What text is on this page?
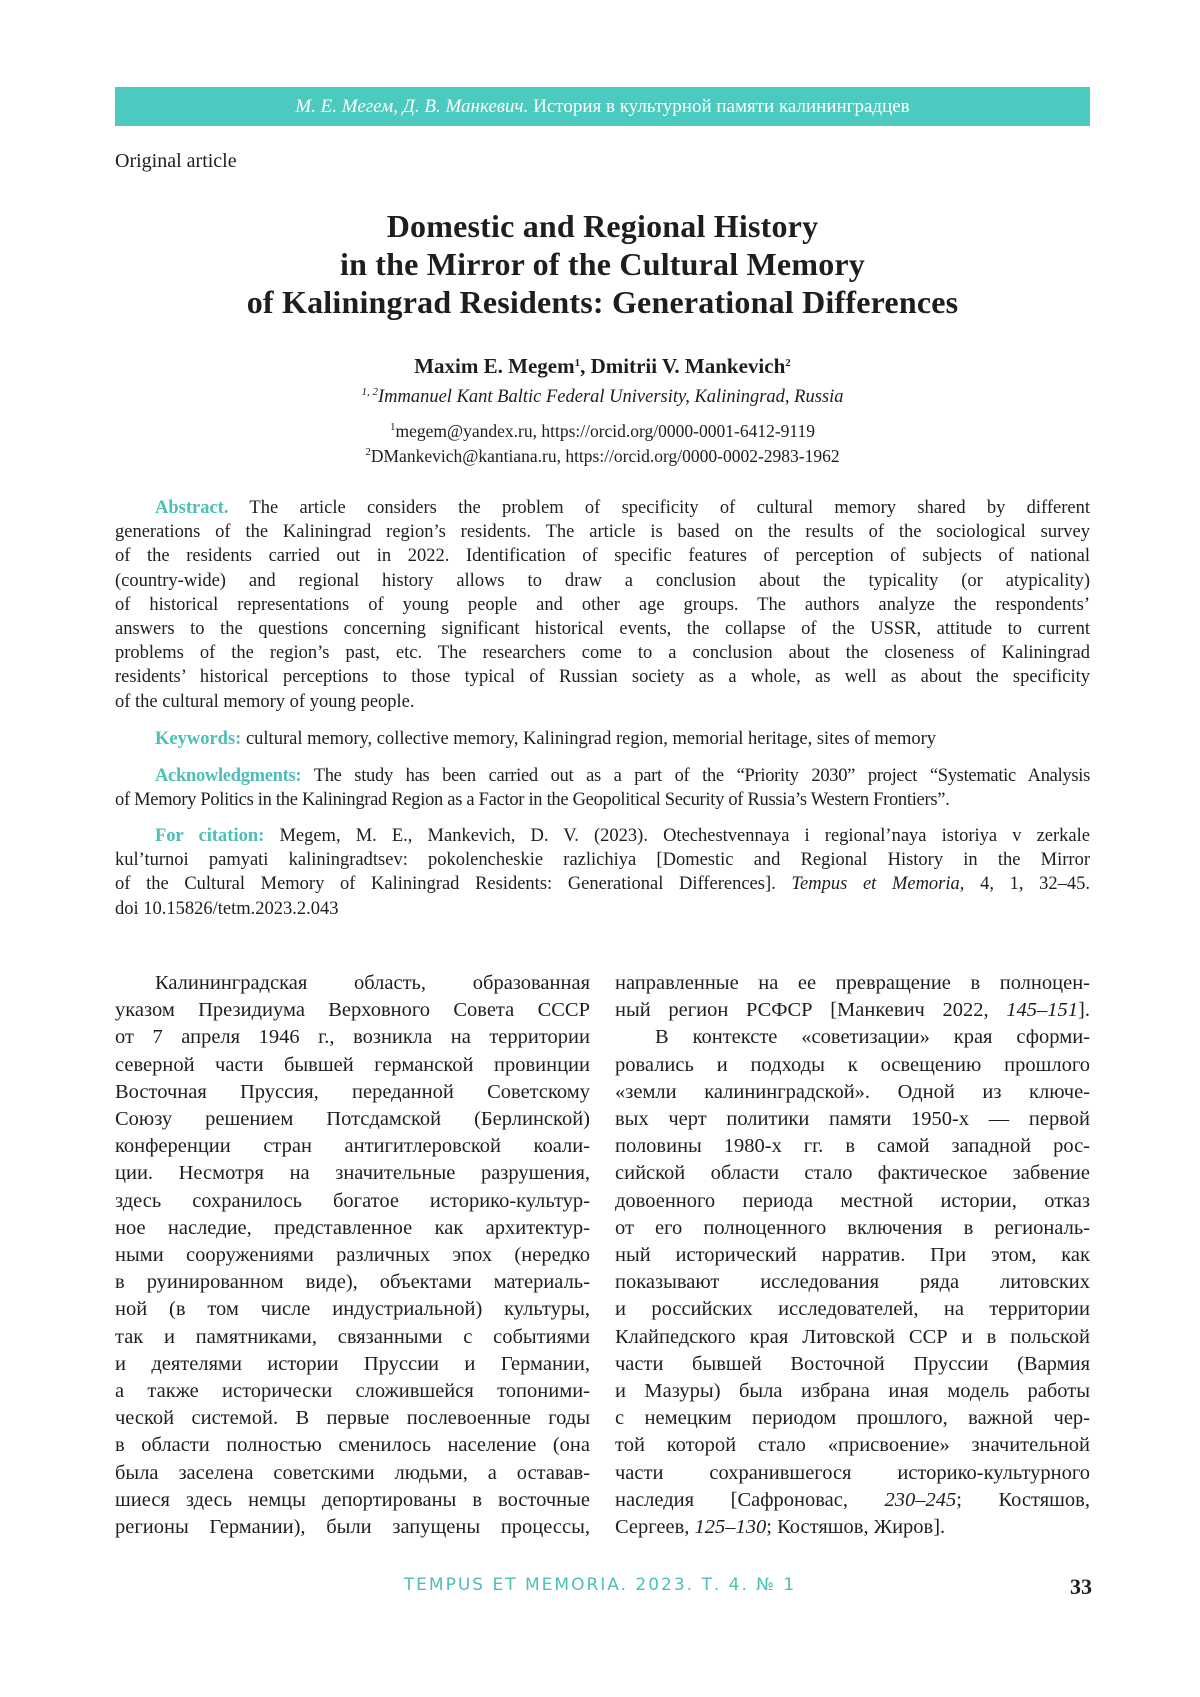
М. Е. Мегем, Д. В. Манкевич. История в культурной памяти калининградцев
Original article
Domestic and Regional History
in the Mirror of the Cultural Memory
of Kaliningrad Residents: Generational Differences
Maxim E. Megem$^1$, Dmitrii V. Mankevich$^2$
$^{1, 2}$Immanuel Kant Baltic Federal University, Kaliningrad, Russia
$^1$megem@yandex.ru, https://orcid.org/0000-0001-6412-9119
$^2$DMankevich@kantiana.ru, https://orcid.org/0000-0002-2983-1962
Abstract. The article considers the problem of specificity of cultural memory shared by different
generations of the Kaliningrad region’s residents. The article is based on the results of the sociological survey
of the residents carried out in 2022. Identification of specific features of perception of subjects of national
(country-wide) and regional history allows to draw a conclusion about the typicality (or atypicality)
of historical representations of young people and other age groups. The authors analyze the respondents’
answers to the questions concerning significant historical events, the collapse of the USSR, attitude to current
problems of the region’s past, etc. The researchers come to a conclusion about the closeness of Kaliningrad
residents’ historical perceptions to those typical of Russian society as a whole, as well as about the specificity
of the cultural memory of young people.
Keywords: cultural memory, collective memory, Kaliningrad region, memorial heritage, sites of memory
Acknowledgments: The study has been carried out as a part of the “Priority 2030” project “Systematic Analysis
of Memory Politics in the Kaliningrad Region as a Factor in the Geopolitical Security of Russia’s Western Frontiers”.
For citation: Megem, M. E., Mankevich, D. V. (2023). Otechestvennaya i regional’naya istoriya v zerkale
kul’turnoi pamyati kaliningradtsev: pokolencheskie razlichiya [Domestic and Regional History in the Mirror
of the Cultural Memory of Kaliningrad Residents: Generational Differences]. Tempus et Memoria, 4, 1, 32–45.
doi 10.15826/tetm.2023.2.043
Калининградская область, образованная
указом Президиума Верховного Совета СССР
от 7 апреля 1946 г., возникла на территории
северной части бывшей германской провинции
Восточная Пруссия, переданной Советскому
Союзу решением Потсдамской (Берлинской)
конференции стран антигитлеровской коали-
ции. Несмотря на значительные разрушения,
здесь сохранилось богатое историко-культур-
ное наследие, представленное как архитектур-
ными сооружениями различных эпох (нередко
в руинированном виде), объектами материаль-
ной (в том числе индустриальной) культуры,
так и памятниками, связанными с событиями
и деятелями истории Пруссии и Германии,
а также исторически сложившейся топоними-
ческой системой. В первые послевоенные годы
в области полностью сменилось население (она
была заселена советскими людьми, а оставав-
шиеся здесь немцы депортированы в восточные
регионы Германии), были запущены процессы,
направленные на ее превращение в полноцен-
ный регион РСФСР [Манкевич 2022, 145–151].
В контексте «советизации» края сформи-
ровались и подходы к освещению прошлого
«земли калининградской». Одной из ключе-
вых черт политики памяти 1950-х — первой
половины 1980-х гг. в самой западной рос-
сийской области стало фактическое забвение
довоенного периода местной истории, отказ
от его полноценного включения в региональ-
ный исторический нарратив. При этом, как
показывают исследования ряда литовских
и российских исследователей, на территории
Клайпедского края Литовской ССР и в польской
части бывшей Восточной Пруссии (Вармия
и Мазуры) была избрана иная модель работы
с немецким периодом прошлого, важной чер-
той которой стало «присвоение» значительной
части сохранившегося историко-культурного
наследия [Сафроновас, 230–245; Костяшов,
Сергеев, 125–130; Костяшов, Жиров].
TEMPUS ET MEMORIA. 2023. Т. 4. № 1	33
